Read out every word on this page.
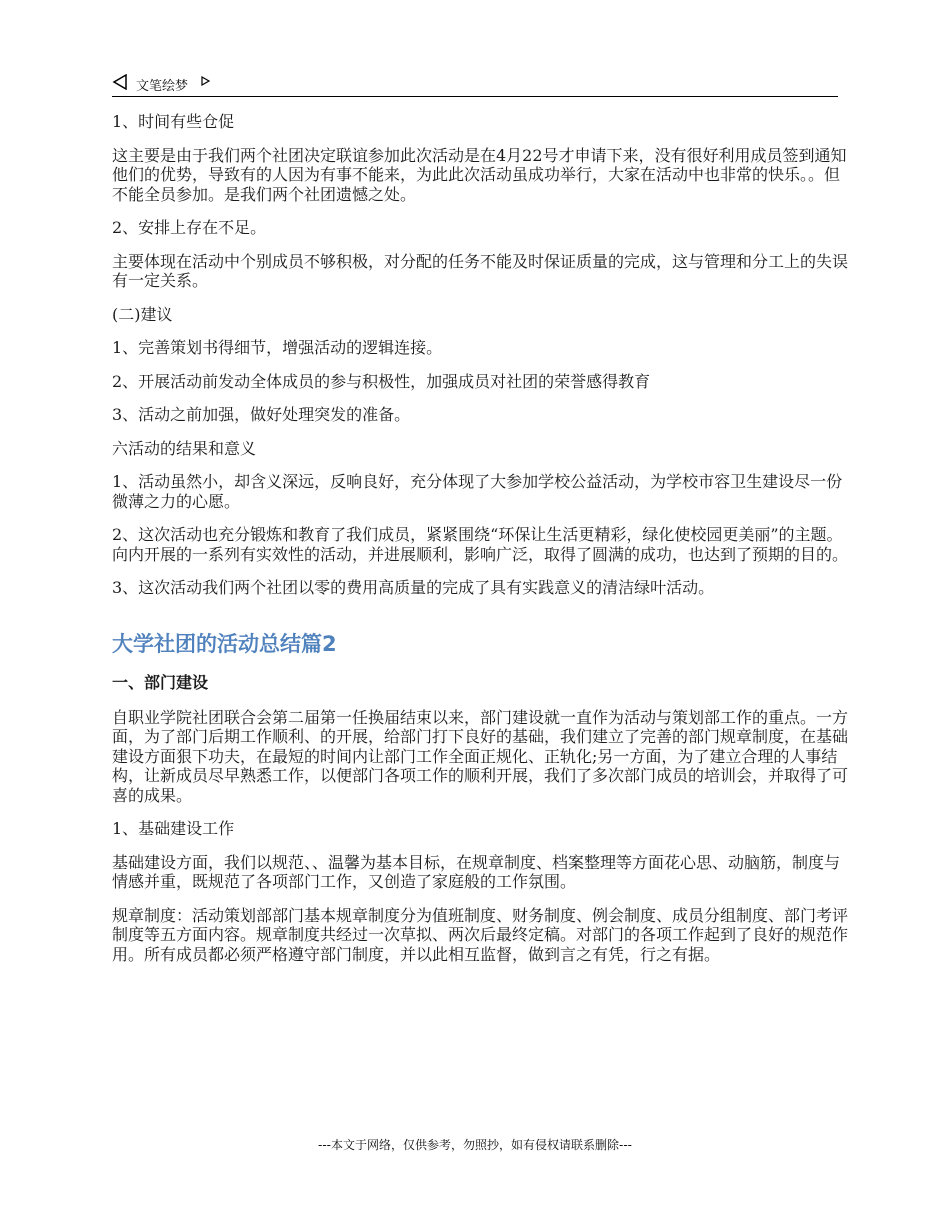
文笔绘梦

1、时间有些仓促

这主要是由于我们两个社团决定联谊参加此次活动是在4月22号才申请下来，没有很好利用成员签到通知他们的优势，导致有的人因为有事不能来，为此此次活动虽成功举行，大家在活动中也非常的快乐。。但不能全员参加。是我们两个社团遗憾之处。

2、安排上存在不足。

主要体现在活动中个别成员不够积极，对分配的任务不能及时保证质量的完成，这与管理和分工上的失误有一定关系。

(二)建议

1、完善策划书得细节，增强活动的逻辑连接。

2、开展活动前发动全体成员的参与积极性，加强成员对社团的荣誉感得教育

3、活动之前加强，做好处理突发的准备。

六活动的结果和意义

1、活动虽然小，却含义深远，反响良好，充分体现了大参加学校公益活动，为学校市容卫生建设尽一份微薄之力的心愿。

2、这次活动也充分锻炼和教育了我们成员，紧紧围绕“环保让生活更精彩，绿化使校园更美丽”的主题。向内开展的一系列有实效性的活动，并进展顺利，影响广泛，取得了圆满的成功，也达到了预期的目的。

3、这次活动我们两个社团以零的费用高质量的完成了具有实践意义的清洁绿叶活动。

大学社团的活动总结篇2
一、部门建设

自职业学院社团联合会第二届第一任换届结束以来，部门建设就一直作为活动与策划部工作的重点。一方面，为了部门后期工作顺利、的开展，给部门打下良好的基础，我们建立了完善的部门规章制度，在基础建设方面狠下功夫，在最短的时间内让部门工作全面正规化、正轨化;另一方面，为了建立合理的人事结构，让新成员尽早熟悉工作，以便部门各项工作的顺利开展，我们了多次部门成员的培训会，并取得了可喜的成果。

1、基础建设工作

基础建设方面，我们以规范、、温馨为基本目标，在规章制度、档案整理等方面花心思、动脑筋，制度与情感并重，既规范了各项部门工作，又创造了家庭般的工作氛围。

规章制度：活动策划部部门基本规章制度分为值班制度、财务制度、例会制度、成员分组制度、部门考评制度等五方面内容。规章制度共经过一次草拟、两次后最终定稿。对部门的各项工作起到了良好的规范作用。所有成员都必须严格遵守部门制度，并以此相互监督，做到言之有凭，行之有据。

---本文于网络，仅供参考，勿照抄，如有侵权请联系删除---
